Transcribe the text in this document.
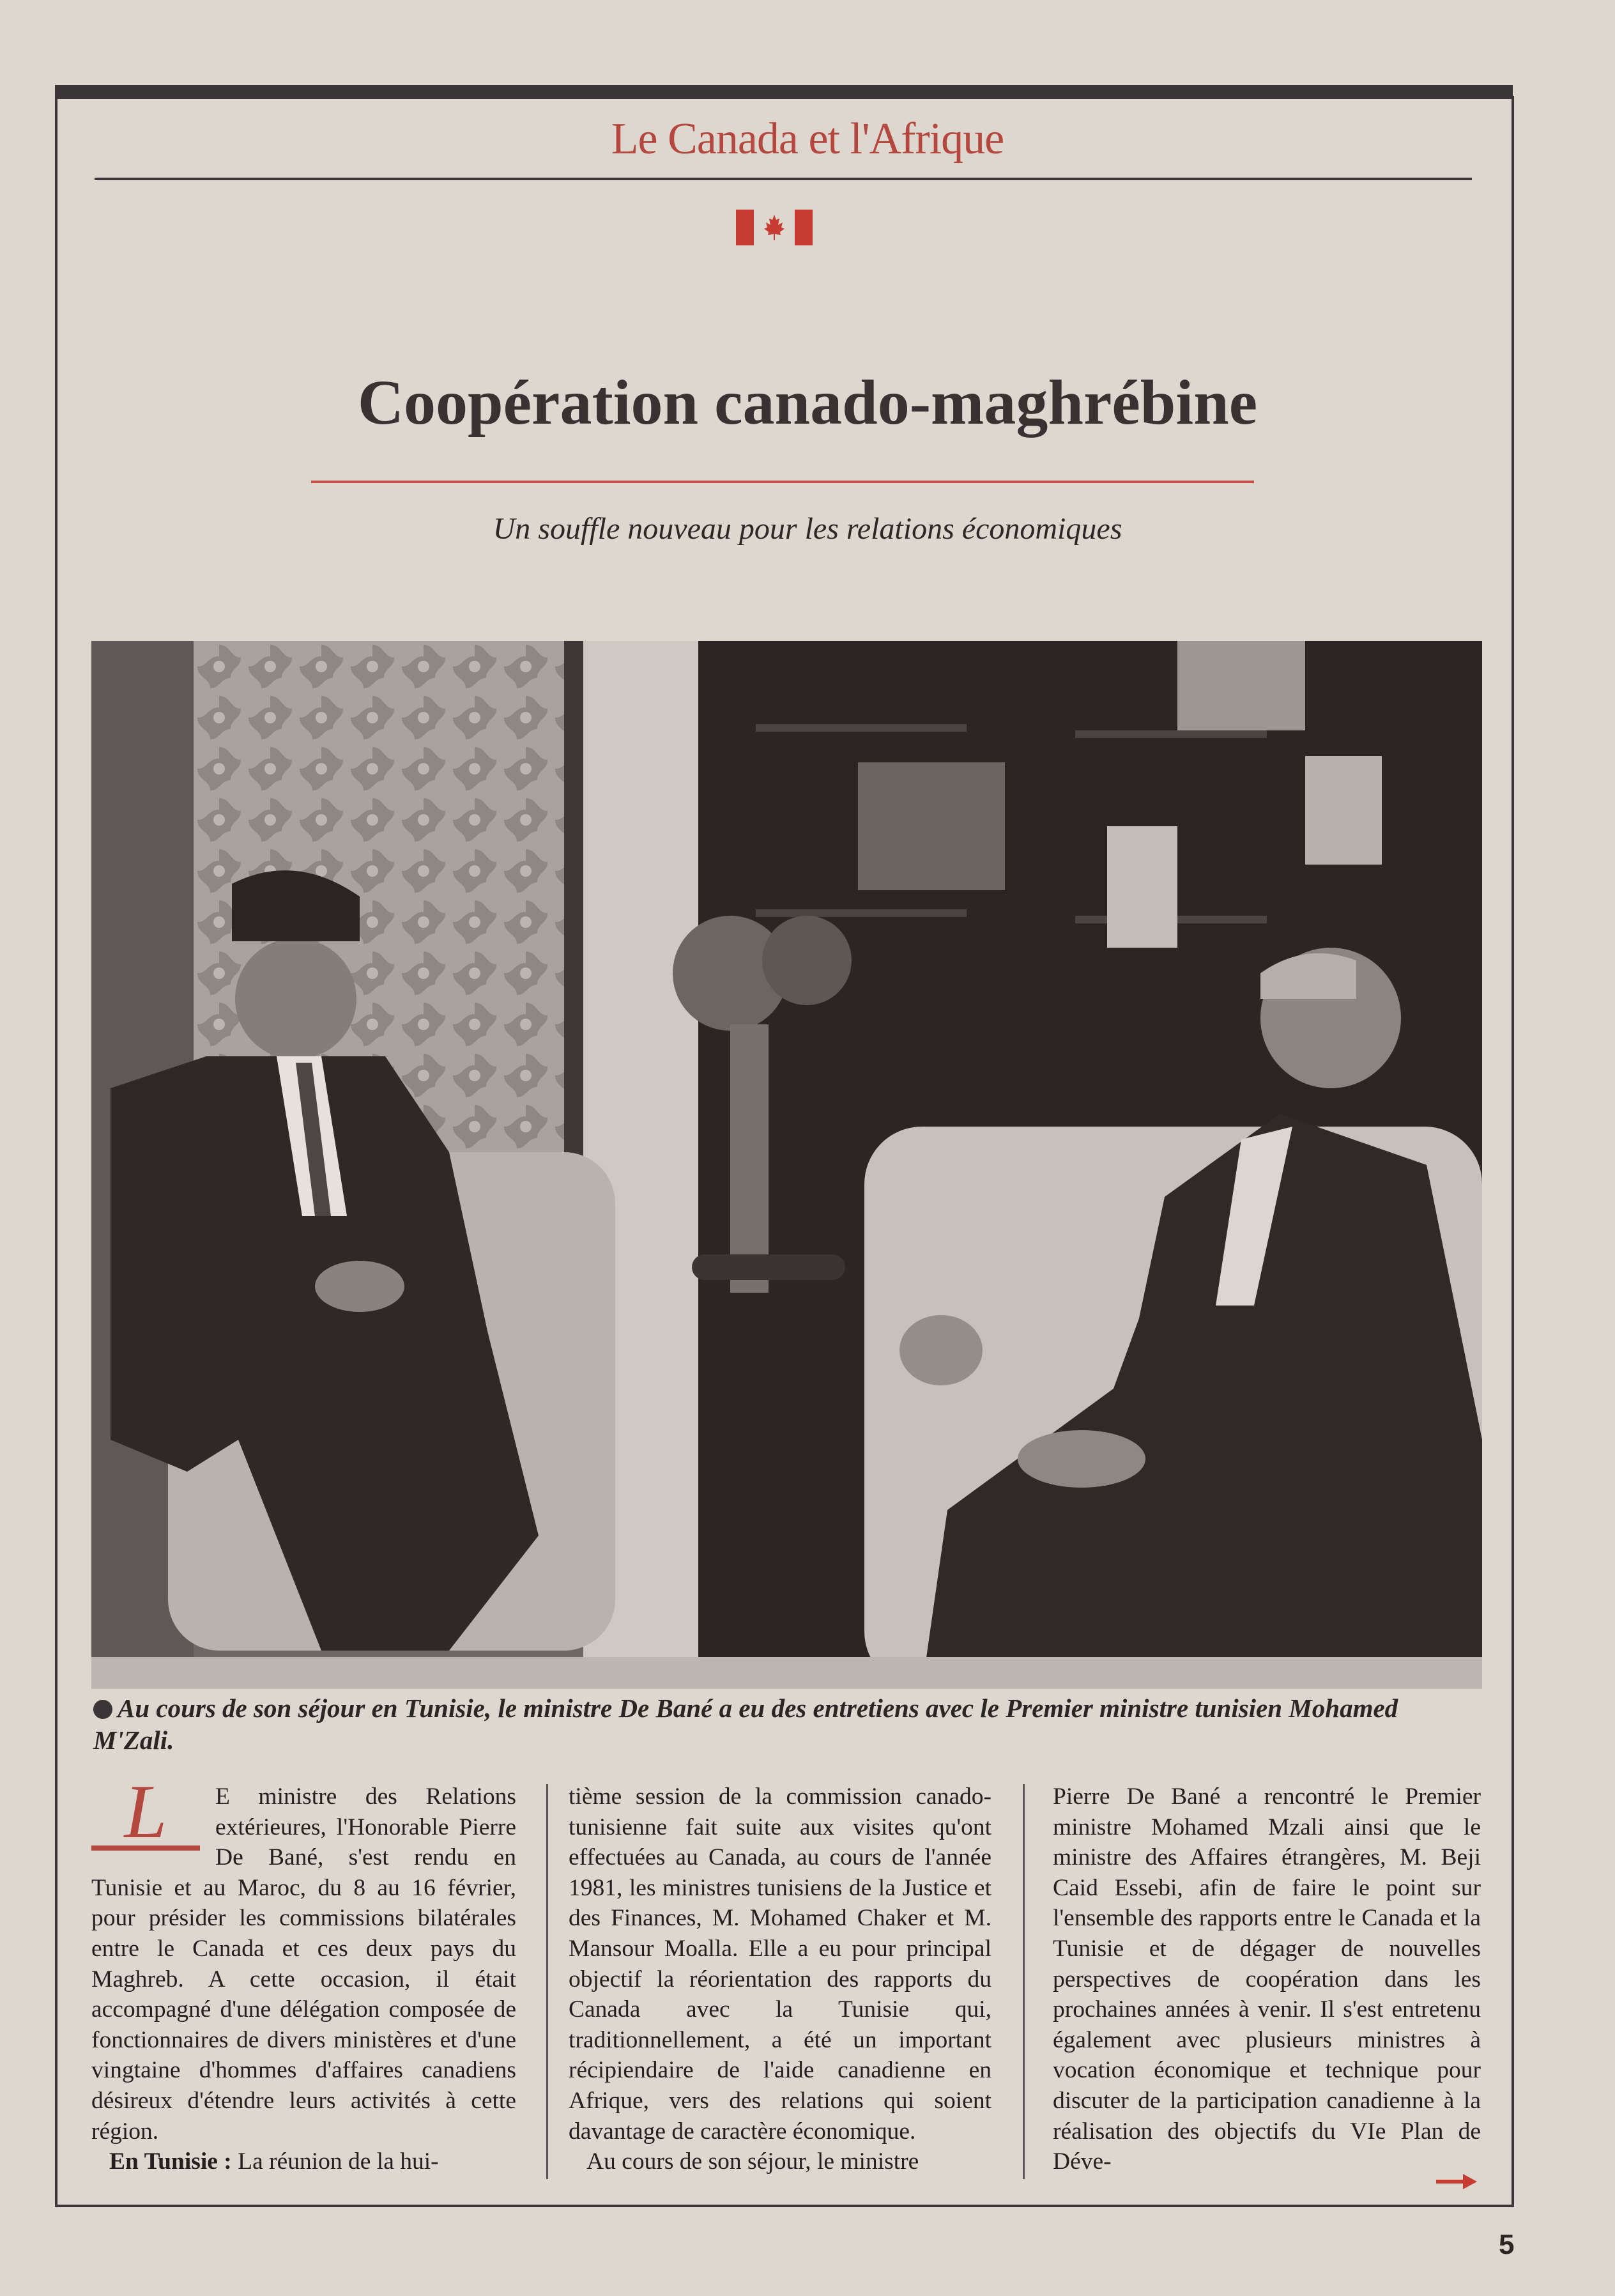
Le Canada et l'Afrique
Coopération canado-maghrébine
Un souffle nouveau pour les relations économiques
Au cours de son séjour en Tunisie, le ministre De Bané a eu des entretiens avec le Premier ministre tunisien Mohamed M'Zali.
L	E ministre des Relations extérieures, l'Honorable Pierre De Bané, s'est rendu en Tunisie et au Maroc, du 8 au 16 février, pour présider les commissions bilatérales entre le Canada et ces deux pays du Maghreb. A cette occasion, il était accompagné d'une délégation composée de fonctionnaires de divers ministères et d'une vingtaine d'hommes d'affaires canadiens désireux d'étendre leurs activités à cette région.

En Tunisie : La réunion de la hui-

tième session de la commission canado-tunisienne fait suite aux visites qu'ont effectuées au Canada, au cours de l'année 1981, les ministres tunisiens de la Justice et des Finances, M. Mohamed Chaker et M. Mansour Moalla. Elle a eu pour principal objectif la réorientation des rapports du Canada avec la Tunisie qui, traditionnellement, a été un important récipiendaire de l'aide canadienne en Afrique, vers des relations qui soient davantage de caractère économique.

Au cours de son séjour, le ministre

Pierre De Bané a rencontré le Premier ministre Mohamed Mzali ainsi que le ministre des Affaires étrangères, M. Beji Caid Essebi, afin de faire le point sur l'ensemble des rapports entre le Canada et la Tunisie et de dégager de nouvelles perspectives de coopération dans les prochaines années à venir. Il s'est entretenu également avec plusieurs ministres à vocation économique et technique pour discuter de la participation canadienne à la réalisation des objectifs du VIe Plan de Déve-

5
